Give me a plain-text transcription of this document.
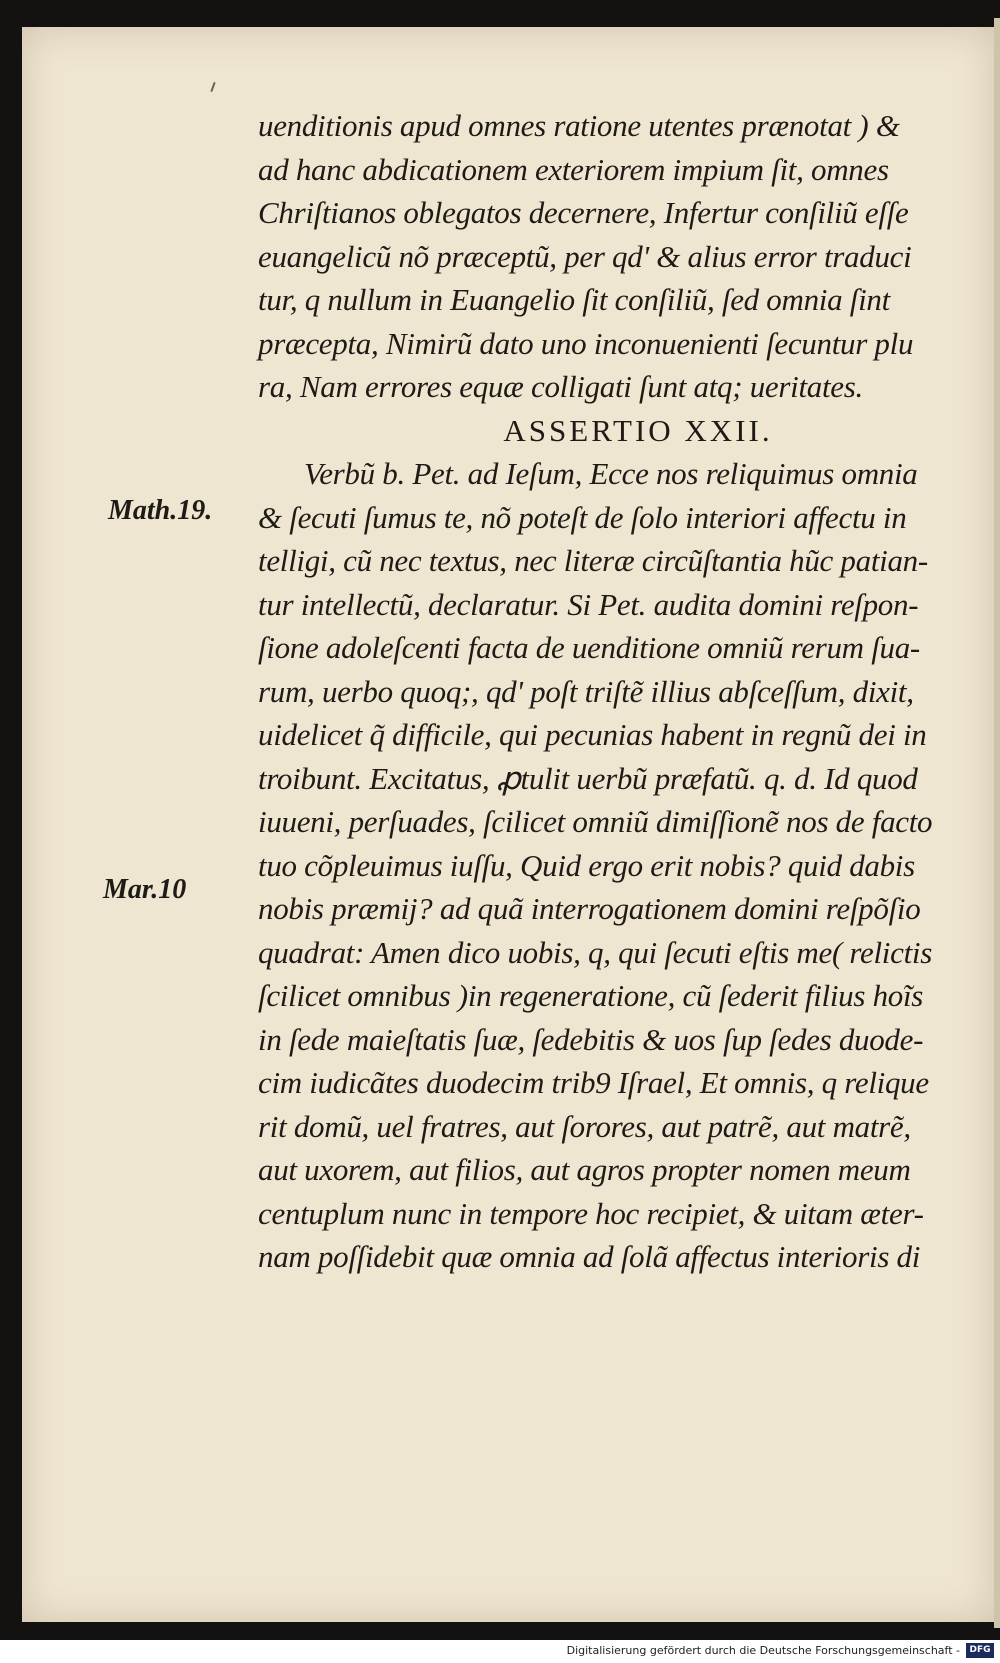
uenditionis apud omnes ratione utentes prænotat ) &
ad hanc abdicationem exteriorem impium ſit, omnes
Chriſtianos oblegatos decernere, Infertur conſiliũ eſſe
euangelicũ nõ præceptũ, per qd' & alius error traduci
tur, q nullum in Euangelio ſit conſiliũ, ſed omnia ſint
præcepta, Nimirũ dato uno inconuenienti ſecuntur plu
ra, Nam errores equæ colligati ſunt atq; ueritates.
ASSERTIO XXII.
Verbũ b. Pet. ad Ieſum, Ecce nos reliquimus omnia
& ſecuti ſumus te, nõ poteſt de ſolo interiori affectu in
telligi, cũ nec textus, nec literæ circũſtantia hũc patian-
tur intellectũ, declaratur. Si Pet. audita domini reſpon-
ſione adoleſcenti facta de uenditione omniũ rerum ſua-
rum, uerbo quoq;, qd' poſt triſtẽ illius abſceſſum, dixit,
uidelicet q̃ difficile, qui pecunias habent in regnũ dei in
troibunt. Excitatus, ꝓtulit uerbũ præfatũ. q. d. Id quod
iuueni, perſuades, ſcilicet omniũ dimiſſionẽ nos de facto
tuo cõpleuimus iuſſu, Quid ergo erit nobis? quid dabis
nobis præmij? ad quã interrogationem domini reſpõſio
quadrat: Amen dico uobis, q, qui ſecuti eſtis me( relictis
ſcilicet omnibus )in regeneratione, cũ ſederit filius hoĩs
in ſede maieſtatis ſuæ, ſedebitis & uos ſup ſedes duode-
cim iudicãtes duodecim trib9 Iſrael, Et omnis, q relique
rit domũ, uel fratres, aut ſorores, aut patrẽ, aut matrẽ,
aut uxorem, aut filios, aut agros propter nomen meum
centuplum nunc in tempore hoc recipiet, & uitam æter-
nam poſſidebit quæ omnia ad ſolã affectus interioris di
Math.19.
Mar.10
Digitalisierung gefördert durch die Deutsche Forschungsgemeinschaft -	DFG
